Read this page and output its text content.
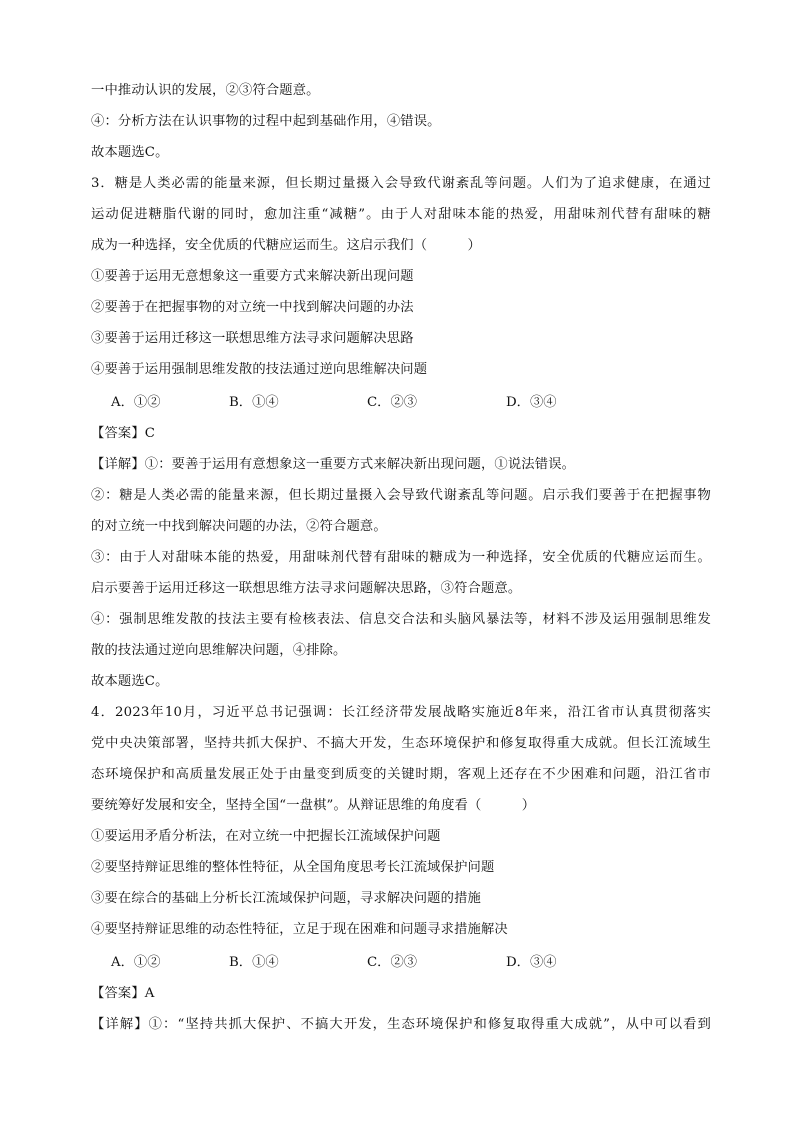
一中推动认识的发展，②③符合题意。
④：分析方法在认识事物的过程中起到基础作用，④错误。
故本题选C。
3．糖是人类必需的能量来源，但长期过量摄入会导致代谢紊乱等问题。人们为了追求健康，在通过
运动促进糖脂代谢的同时，愈加注重“减糖”。由于人对甜味本能的热爱，用甜味剂代替有甜味的糖
成为一种选择，安全优质的代糖应运而生。这启示我们（　　　）
①要善于运用无意想象这一重要方式来解决新出现问题
②要善于在把握事物的对立统一中找到解决问题的办法
③要善于运用迁移这一联想思维方法寻求问题解决思路
④要善于运用强制思维发散的技法通过逆向思维解决问题
A．①②	B．①④	C．②③	D．③④
【答案】C
【详解】①：要善于运用有意想象这一重要方式来解决新出现问题，①说法错误。
②：糖是人类必需的能量来源，但长期过量摄入会导致代谢紊乱等问题。启示我们要善于在把握事物
的对立统一中找到解决问题的办法，②符合题意。
③：由于人对甜味本能的热爱，用甜味剂代替有甜味的糖成为一种选择，安全优质的代糖应运而生。
启示要善于运用迁移这一联想思维方法寻求问题解决思路，③符合题意。
④：强制思维发散的技法主要有检核表法、信息交合法和头脑风暴法等，材料不涉及运用强制思维发
散的技法通过逆向思维解决问题，④排除。
故本题选C。
4．2023年10月，习近平总书记强调：长江经济带发展战略实施近8年来，沿江省市认真贯彻落实
党中央决策部署，坚持共抓大保护、不搞大开发，生态环境保护和修复取得重大成就。但长江流域生
态环境保护和高质量发展正处于由量变到质变的关键时期，客观上还存在不少困难和问题，沿江省市
要统筹好发展和安全，坚持全国“一盘棋”。从辩证思维的角度看（　　　）
①要运用矛盾分析法，在对立统一中把握长江流域保护问题
②要坚持辩证思维的整体性特征，从全国角度思考长江流域保护问题
③要在综合的基础上分析长江流域保护问题，寻求解决问题的措施
④要坚持辩证思维的动态性特征，立足于现在困难和问题寻求措施解决
A．①②	B．①④	C．②③	D．③④
【答案】A
【详解】①：“坚持共抓大保护、不搞大开发，生态环境保护和修复取得重大成就”，从中可以看到
